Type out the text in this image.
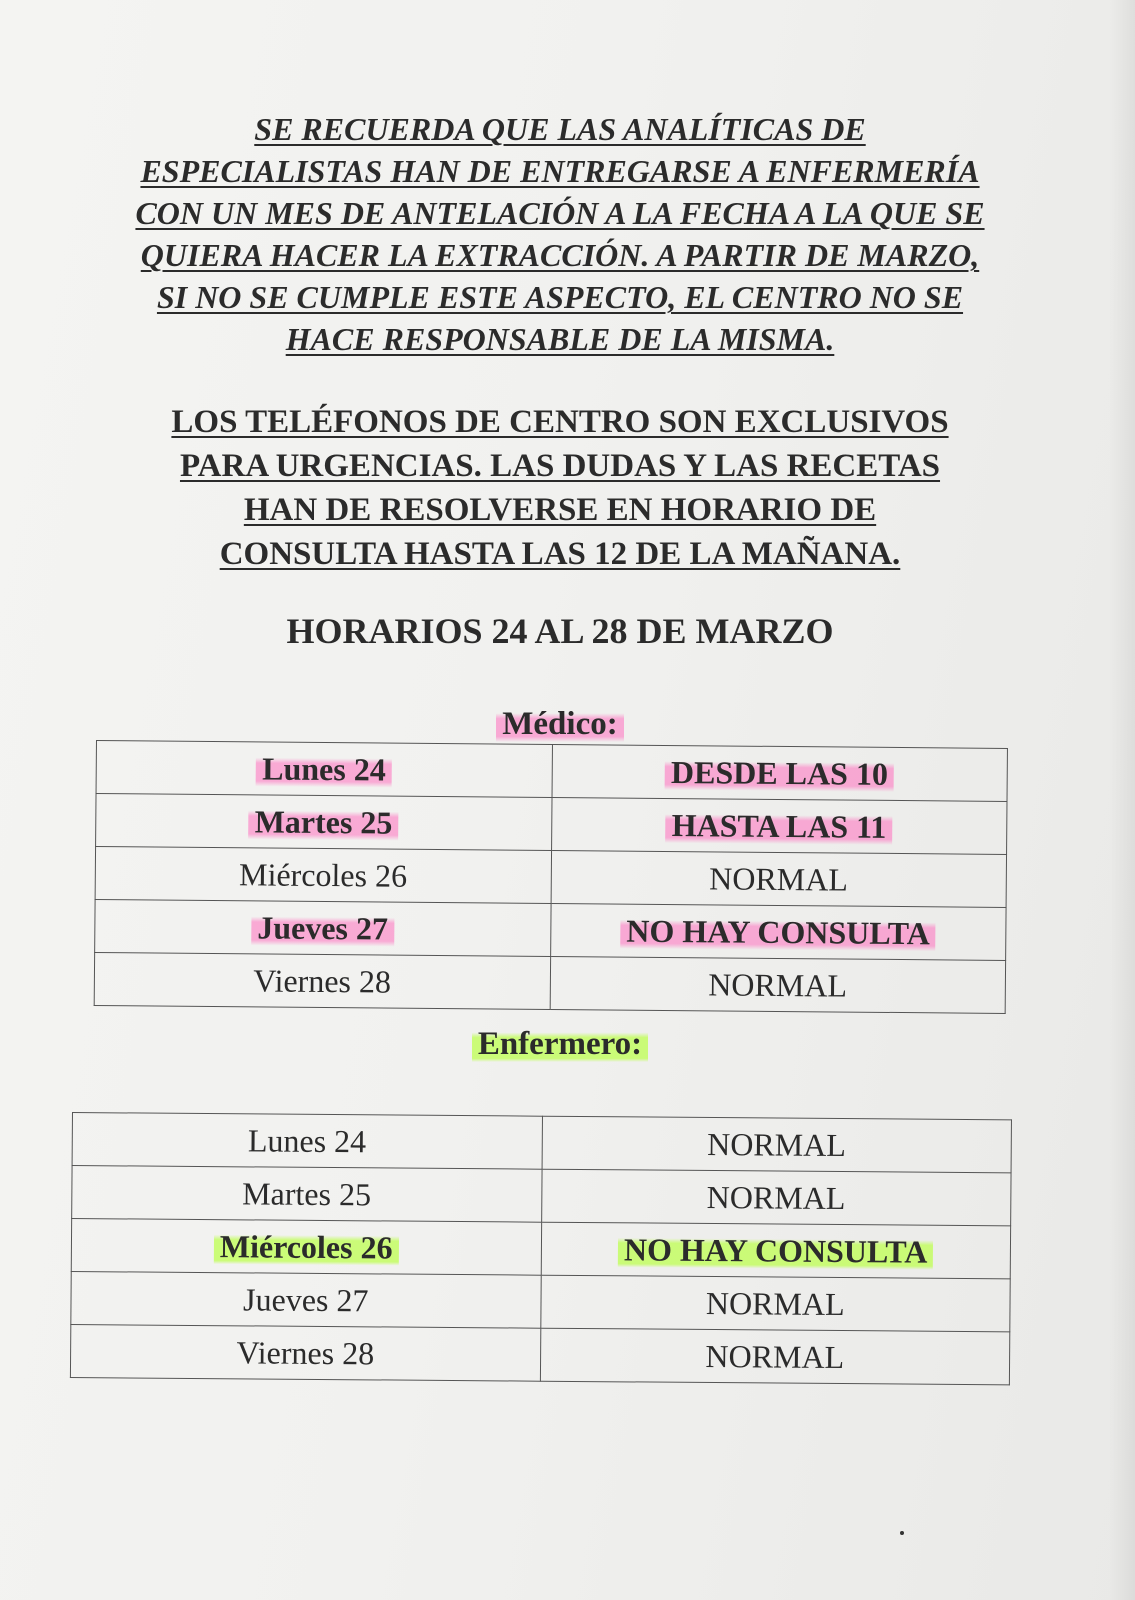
SE RECUERDA QUE LAS ANALÍTICAS DE
ESPECIALISTAS HAN DE ENTREGARSE A ENFERMERÍA
CON UN MES DE ANTELACIÓN A LA FECHA A LA QUE SE
QUIERA HACER LA EXTRACCIÓN. A PARTIR DE MARZO,
SI NO SE CUMPLE ESTE ASPECTO, EL CENTRO NO SE
HACE RESPONSABLE DE LA MISMA.

LOS TELÉFONOS DE CENTRO SON EXCLUSIVOS
PARA URGENCIAS. LAS DUDAS Y LAS RECETAS
HAN DE RESOLVERSE EN HORARIO DE
CONSULTA HASTA LAS 12 DE LA MAÑANA.

HORARIOS 24 AL 28 DE MARZO
Médico:
Lunes 24	DESDE LAS 10
Martes 25	HASTA LAS 11
Miércoles 26	NORMAL
Jueves 27	NO HAY CONSULTA
Viernes 28	NORMAL
Enfermero:
Lunes 24	NORMAL
Martes 25	NORMAL
Miércoles 26	NO HAY CONSULTA
Jueves 27	NORMAL
Viernes 28	NORMAL
